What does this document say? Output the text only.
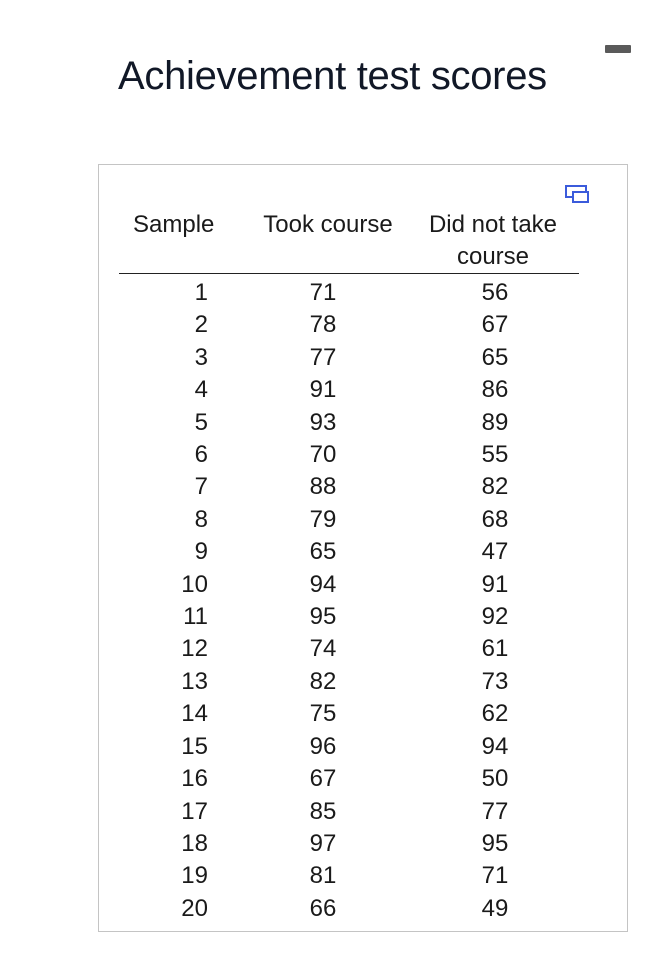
Achievement test scores
Sample	Took course	Did not take
course
1	71	56
2	78	67
3	77	65
4	91	86
5	93	89
6	70	55
7	88	82
8	79	68
9	65	47
10	94	91
11	95	92
12	74	61
13	82	73
14	75	62
15	96	94
16	67	50
17	85	77
18	97	95
19	81	71
20	66	49
